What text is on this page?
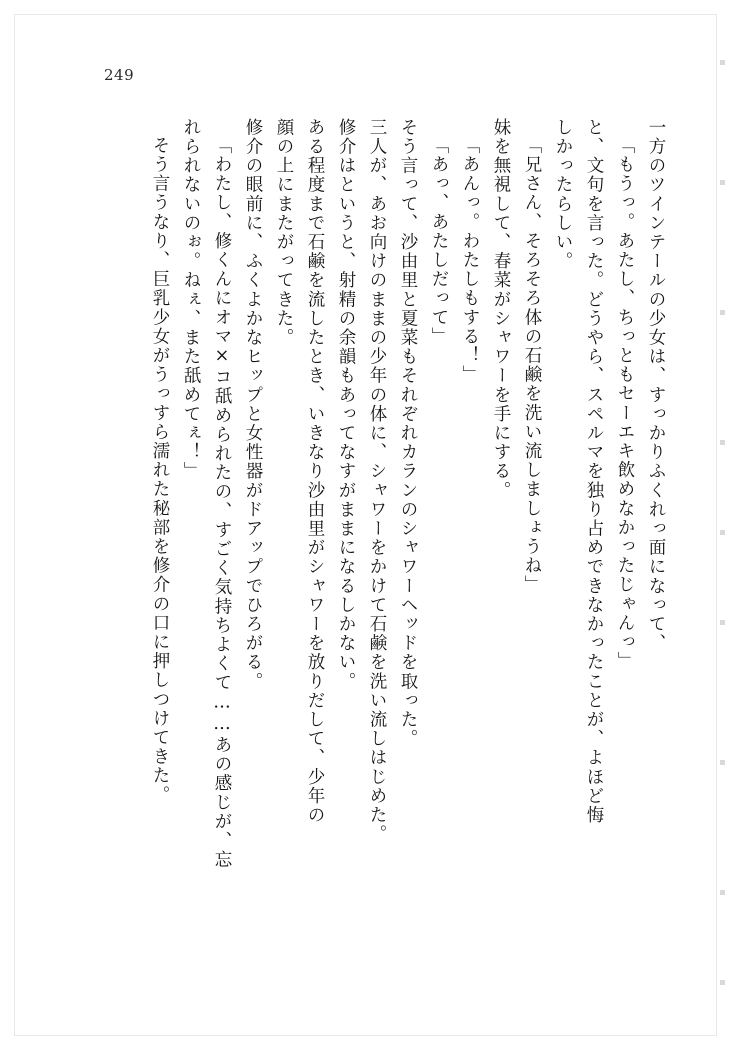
249
一方のツインテールの少女は、すっかりふくれっ面になって、
「もうっ。あたし、ちっともセーエキ飲めなかったじゃんっ」
と、文句を言った。どうやら、スペルマを独り占めできなかったことが、よほど悔
しかったらしい。
「兄さん、そろそろ体の石鹸を洗い流しましょうね」
妹を無視して、春菜がシャワーを手にする。
「あんっ。わたしもする！」
「あっ、あたしだって」
そう言って、沙由里と夏菜もそれぞれカランのシャワーヘッドを取った。
三人が、あお向けのままの少年の体に、シャワーをかけて石鹸を洗い流しはじめた。
修介はというと、射精の余韻もあってなすがままになるしかない。
ある程度まで石鹸を流したとき、いきなり沙由里がシャワーを放りだして、少年の
顔の上にまたがってきた。
修介の眼前に、ふくよかなヒップと女性器がドアップでひろがる。
「わたし、修くんにオマ×コ舐められたの、すごく気持ちよくて……あの感じが、忘
れられないのぉ。ねぇ、また舐めてぇ！」
そう言うなり、巨乳少女がうっすら濡れた秘部を修介の口に押しつけてきた。
